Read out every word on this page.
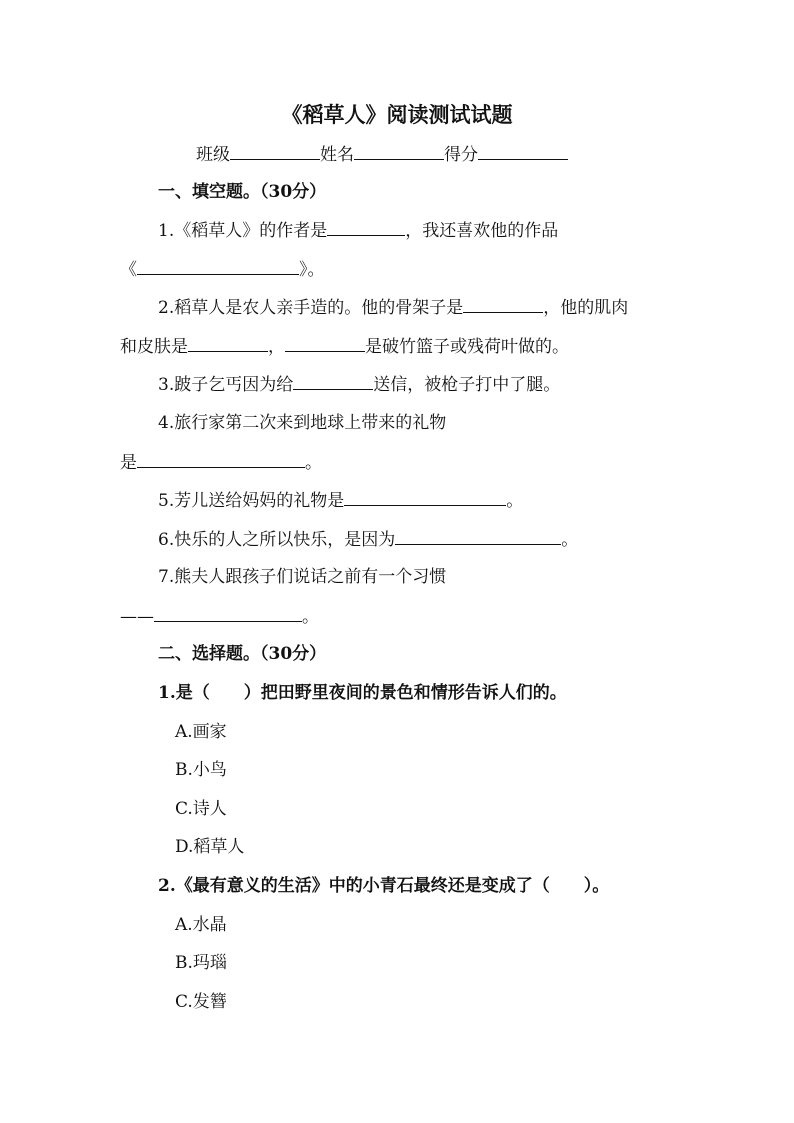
《稻草人》阅读测试试题
班级	姓名	得分
一、填空题。（30分）
1.《稻草人》的作者是	，我还喜欢他的作品
《	》。
2.稻草人是农人亲手造的。他的骨架子是	，他的肌肉
和皮肤是	，	是破竹篮子或残荷叶做的。
3.跛子乞丐因为给	送信，被枪子打中了腿。
4.旅行家第二次来到地球上带来的礼物
是	。
5.芳儿送给妈妈的礼物是	。
6.快乐的人之所以快乐，是因为	。
7.熊夫人跟孩子们说话之前有一个习惯
——	。
二、选择题。（30分）
1.是（ ）把田野里夜间的景色和情形告诉人们的。
A.画家
B.小鸟
C.诗人
D.稻草人
2.《最有意义的生活》中的小青石最终还是变成了（ ）。
A.水晶
B.玛瑙
C.发簪
